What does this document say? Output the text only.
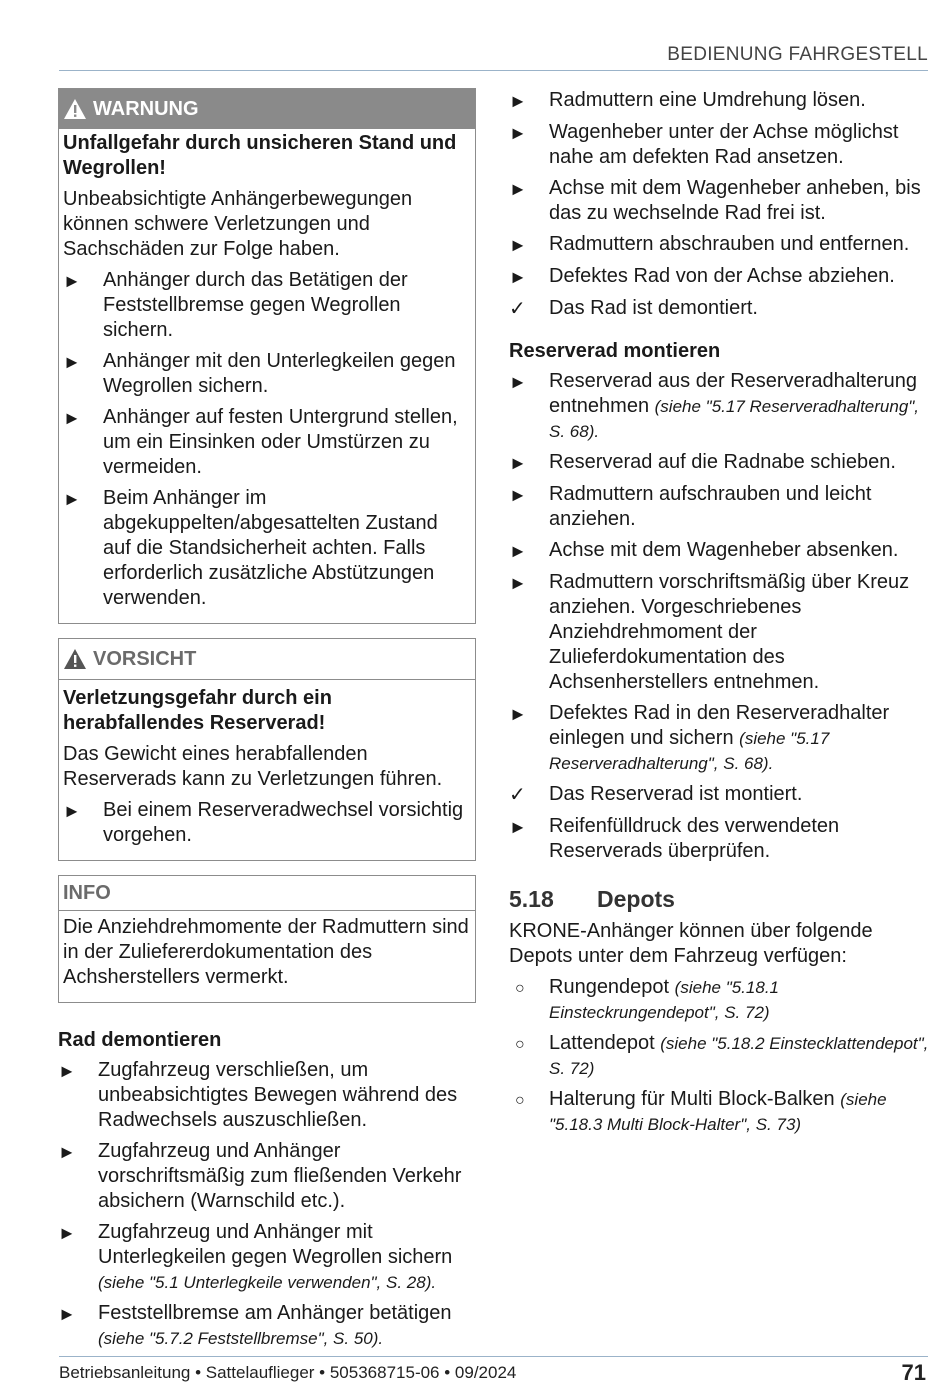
BEDIENUNG FAHRGESTELL
WARNUNG
Unfallgefahr durch unsicheren Stand und Wegrollen!
Unbeabsichtigte Anhängerbewegungen können schwere Verletzungen und Sachschäden zur Folge haben.
►	Anhänger durch das Betätigen der Feststellbremse gegen Wegrollen sichern.
►	Anhänger mit den Unterlegkeilen gegen Wegrollen sichern.
►	Anhänger auf festen Untergrund stellen, um ein Einsinken oder Umstürzen zu vermeiden.
►	Beim Anhänger im abgekuppelten/abgesattelten Zustand auf die Standsicherheit achten. Falls erforderlich zusätzliche Abstützungen verwenden.
VORSICHT
Verletzungsgefahr durch ein herabfallendes Reserverad!
Das Gewicht eines herabfallenden Reserverads kann zu Verletzungen führen.
►	Bei einem Reserveradwechsel vorsichtig vorgehen.
INFO
Die Anziehdrehmomente der Radmuttern sind in der Zuliefererdokumentation des Achsherstellers vermerkt.
Rad demontieren
►	Zugfahrzeug verschließen, um unbeabsichtigtes Bewegen während des Radwechsels auszuschließen.
►	Zugfahrzeug und Anhänger vorschriftsmäßig zum fließenden Verkehr absichern (Warnschild etc.).
►	Zugfahrzeug und Anhänger mit Unterlegkeilen gegen Wegrollen sichern (siehe "5.1 Unterlegkeile verwenden", S. 28).
►	Feststellbremse am Anhänger betätigen (siehe "5.7.2 Feststellbremse", S. 50).
►	Radmuttern eine Umdrehung lösen.
►	Wagenheber unter der Achse möglichst nahe am defekten Rad ansetzen.
►	Achse mit dem Wagenheber anheben, bis das zu wechselnde Rad frei ist.
►	Radmuttern abschrauben und entfernen.
►	Defektes Rad von der Achse abziehen.
✓	Das Rad ist demontiert.
Reserverad montieren
►	Reserverad aus der Reserveradhalterung entnehmen (siehe "5.17 Reserveradhalterung", S. 68).
►	Reserverad auf die Radnabe schieben.
►	Radmuttern aufschrauben und leicht anziehen.
►	Achse mit dem Wagenheber absenken.
►	Radmuttern vorschriftsmäßig über Kreuz anziehen. Vorgeschriebenes Anziehdrehmoment der Zulieferdokumentation des Achsenherstellers entnehmen.
►	Defektes Rad in den Reserveradhalter einlegen und sichern (siehe "5.17 Reserveradhalterung", S. 68).
✓	Das Reserverad ist montiert.
►	Reifenfülldruck des verwendeten Reserverads überprüfen.
5.18	Depots
KRONE-Anhänger können über folgende Depots unter dem Fahrzeug verfügen:
○	Rungendepot (siehe "5.18.1 Einsteckrungendepot", S. 72)
○	Lattendepot (siehe "5.18.2 Einstecklattendepot", S. 72)
○	Halterung für Multi Block-Balken (siehe "5.18.3 Multi Block-Halter", S. 73)
Betriebsanleitung • Sattelauflieger • 505368715-06 • 09/2024	71
